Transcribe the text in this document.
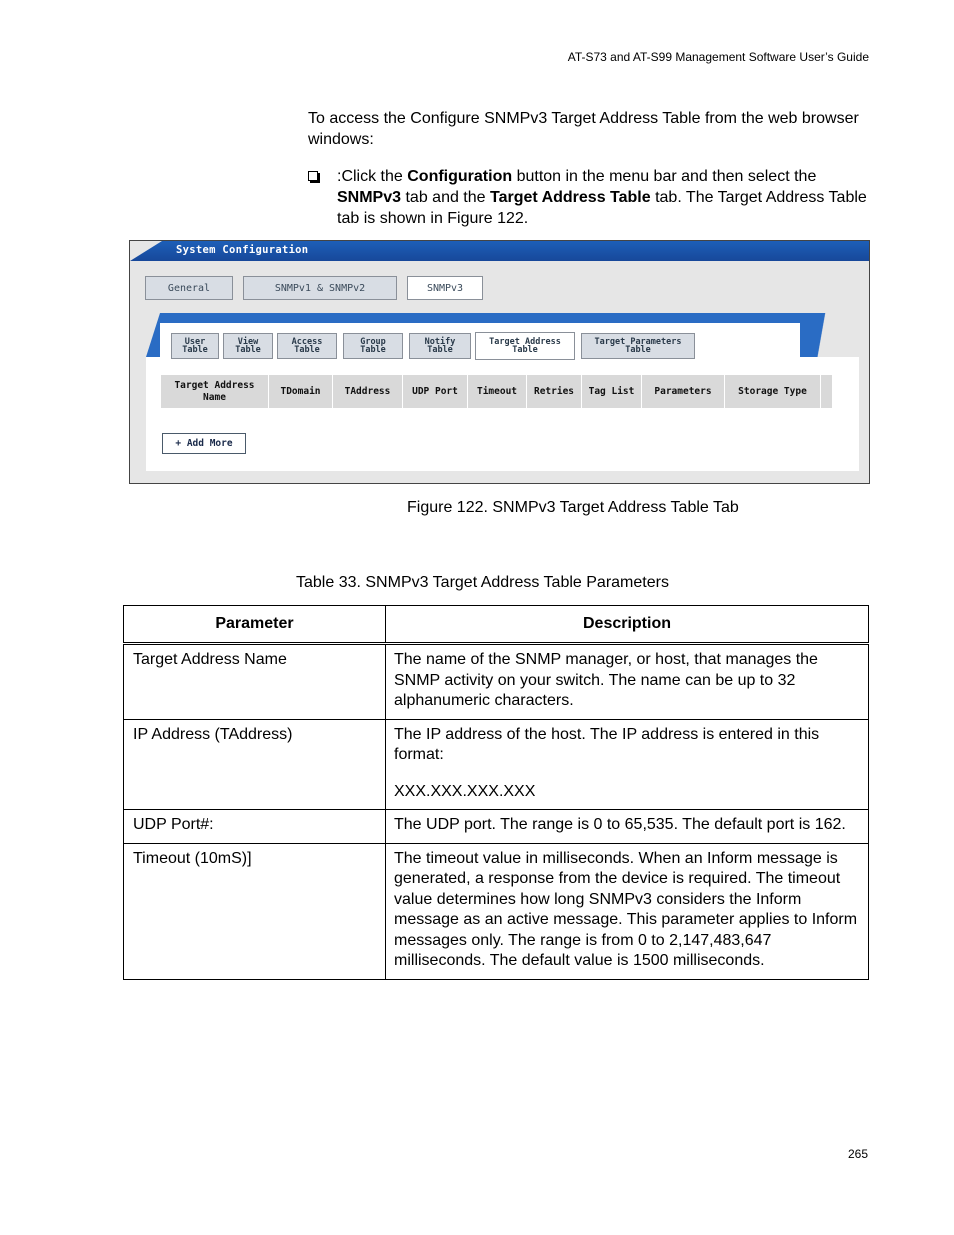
AT-S73 and AT-S99 Management Software User’s Guide
To access the Configure SNMPv3 Target Address Table from the web browser windows:
:Click the Configuration button in the menu bar and then select the SNMPv3 tab and the Target Address Table tab. The Target Address Table tab is shown in Figure 122.
System Configuration
General	SNMPv1 & SNMPv2	SNMPv3
User
Table
View
Table
Access
Table
Group
Table
Notify
Table
Target Address
Table
Target Parameters
Table
Target Address
Name
TDomain	TAddress	UDP Port	Timeout	Retries	Tag List	Parameters	Storage Type
+ Add More
Figure 122. SNMPv3 Target Address Table Tab
Table 33. SNMPv3 Target Address Table Parameters
Parameter	Description
Target Address Name	The name of the SNMP manager, or host, that manages the SNMP activity on your switch. The name can be up to 32 alphanumeric characters.

IP Address (TAddress)	The IP address of the host. The IP address is entered in this format:

XXX.XXX.XXX.XXX

UDP Port#:	The UDP port. The range is 0 to 65,535. The default port is 162.

Timeout (10mS)]	The timeout value in milliseconds. When an Inform message is generated, a response from the device is required. The timeout value determines how long SNMPv3 considers the Inform message as an active message. This parameter applies to Inform messages only. The range is from 0 to 2,147,483,647 milliseconds. The default value is 1500 milliseconds.

265
